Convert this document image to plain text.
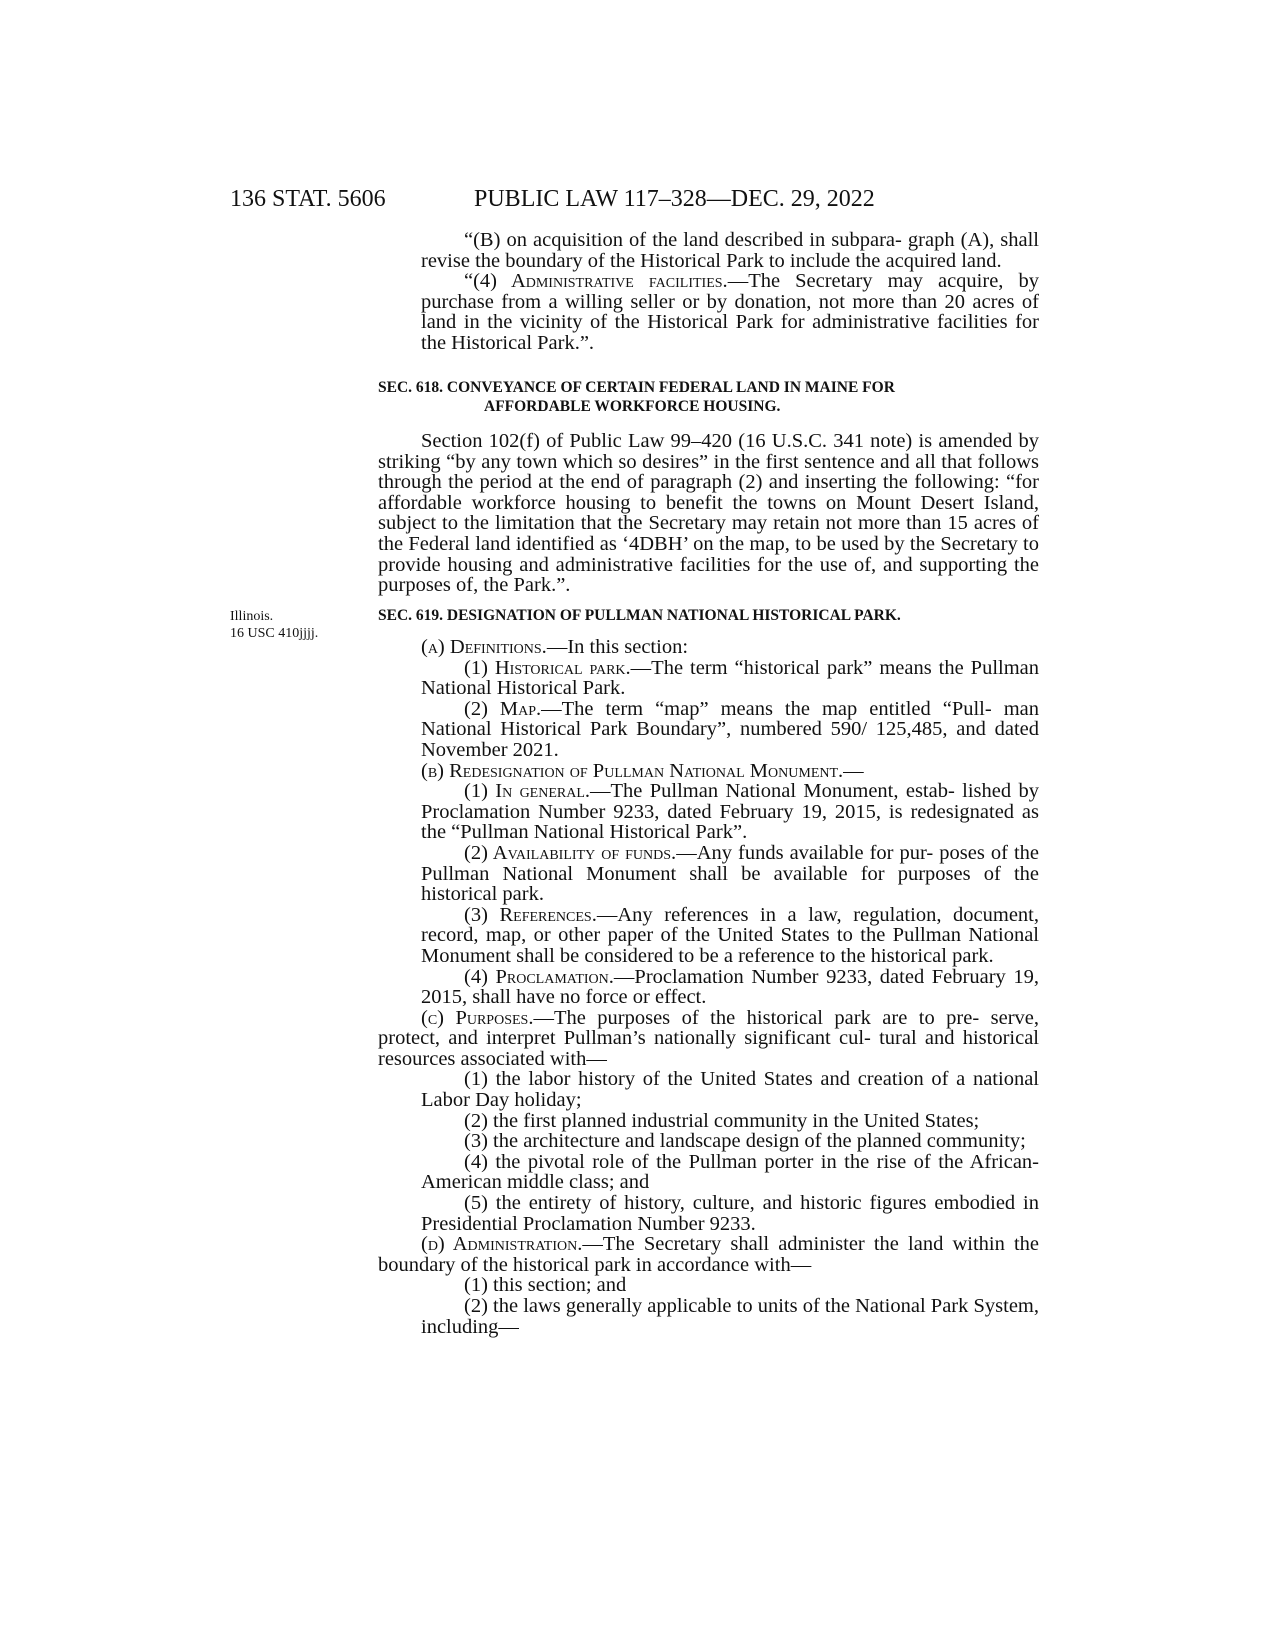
136 STAT. 5606	PUBLIC LAW 117–328—DEC. 29, 2022

“(B) on acquisition of the land described in subpara- graph (A), shall revise the boundary of the Historical Park to include the acquired land.

“(4) Administrative facilities.—The Secretary may acquire, by purchase from a willing seller or by donation, not more than 20 acres of land in the vicinity of the Historical Park for administrative facilities for the Historical Park.”.

SEC. 618. CONVEYANCE OF CERTAIN FEDERAL LAND IN MAINE FOR
AFFORDABLE WORKFORCE HOUSING.

Section 102(f) of Public Law 99–420 (16 U.S.C. 341 note) is amended by striking “by any town which so desires” in the first sentence and all that follows through the period at the end of paragraph (2) and inserting the following: “for affordable workforce housing to benefit the towns on Mount Desert Island, subject to the limitation that the Secretary may retain not more than 15 acres of the Federal land identified as ‘4DBH’ on the map, to be used by the Secretary to provide housing and administrative facilities for the use of, and supporting the purposes of, the Park.”.

Illinois.
16 USC 410jjjj.

SEC. 619. DESIGNATION OF PULLMAN NATIONAL HISTORICAL PARK.

(a) Definitions.—In this section:

(1) Historical park.—The term “historical park” means the Pullman National Historical Park.

(2) Map.—The term “map” means the map entitled “Pull- man National Historical Park Boundary”, numbered 590/ 125,485, and dated November 2021.

(b) Redesignation of Pullman National Monument.—

(1) In general.—The Pullman National Monument, estab- lished by Proclamation Number 9233, dated February 19, 2015, is redesignated as the “Pullman National Historical Park”.

(2) Availability of funds.—Any funds available for pur- poses of the Pullman National Monument shall be available for purposes of the historical park.

(3) References.—Any references in a law, regulation, document, record, map, or other paper of the United States to the Pullman National Monument shall be considered to be a reference to the historical park.

(4) Proclamation.—Proclamation Number 9233, dated February 19, 2015, shall have no force or effect.

(c) Purposes.—The purposes of the historical park are to pre- serve, protect, and interpret Pullman’s nationally significant cul- tural and historical resources associated with—

(1) the labor history of the United States and creation of a national Labor Day holiday;

(2) the first planned industrial community in the United States;

(3) the architecture and landscape design of the planned community;

(4) the pivotal role of the Pullman porter in the rise of the African-American middle class; and

(5) the entirety of history, culture, and historic figures embodied in Presidential Proclamation Number 9233.

(d) Administration.—The Secretary shall administer the land within the boundary of the historical park in accordance with—

(1) this section; and

(2) the laws generally applicable to units of the National Park System, including—
